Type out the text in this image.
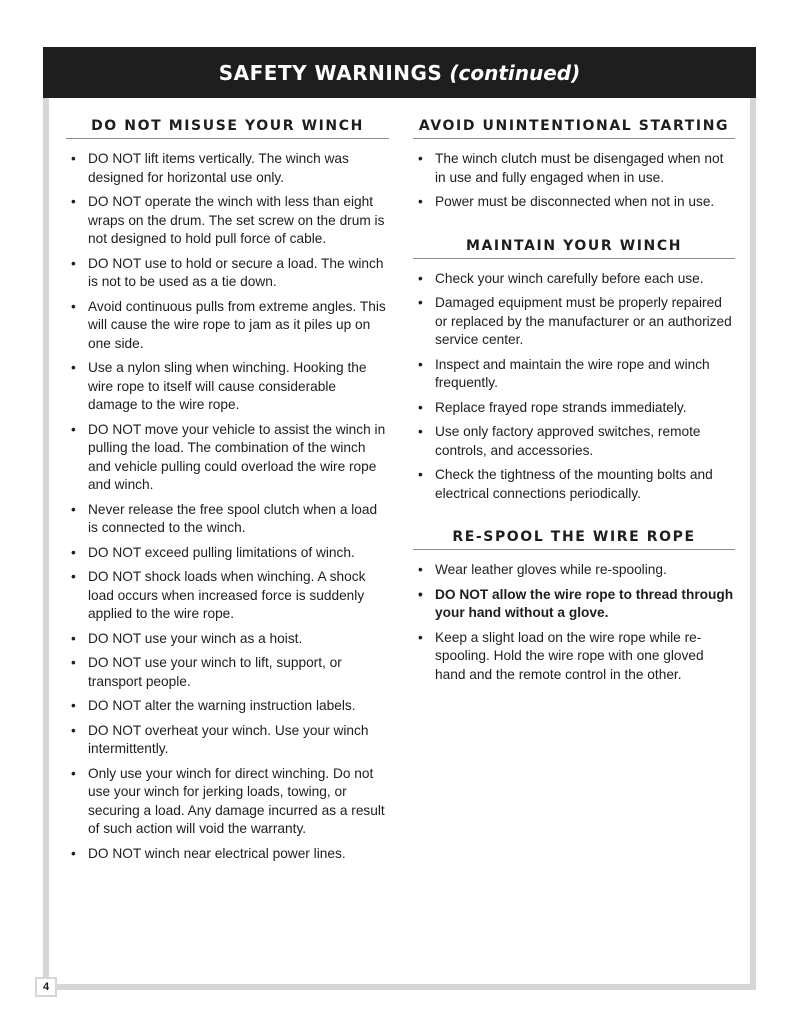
SAFETY WARNINGS (continued)
DO NOT MISUSE YOUR WINCH
• DO NOT lift items vertically. The winch was designed for horizontal use only.
• DO NOT operate the winch with less than eight wraps on the drum. The set screw on the drum is not designed to hold pull force of cable.
• DO NOT use to hold or secure a load. The winch is not to be used as a tie down.
• Avoid continuous pulls from extreme angles. This will cause the wire rope to jam as it piles up on one side.
• Use a nylon sling when winching. Hooking the wire rope to itself will cause considerable damage to the wire rope.
• DO NOT move your vehicle to assist the winch in pulling the load. The combination of the winch and vehicle pulling could overload the wire rope and winch.
• Never release the free spool clutch when a load is connected to the winch.
• DO NOT exceed pulling limitations of winch.
• DO NOT shock loads when winching. A shock load occurs when increased force is suddenly applied to the wire rope.
• DO NOT use your winch as a hoist.
• DO NOT use your winch to lift, support, or transport people.
• DO NOT alter the warning instruction labels.
• DO NOT overheat your winch. Use your winch intermittently.
• Only use your winch for direct winching. Do not use your winch for jerking loads, towing, or securing a load. Any damage incurred as a result of such action will void the warranty.
• DO NOT winch near electrical power lines.
AVOID UNINTENTIONAL STARTING
• The winch clutch must be disengaged when not in use and fully engaged when in use.
• Power must be disconnected when not in use.
MAINTAIN YOUR WINCH
• Check your winch carefully before each use.
• Damaged equipment must be properly repaired or replaced by the manufacturer or an authorized service center.
• Inspect and maintain the wire rope and winch frequently.
• Replace frayed rope strands immediately.
• Use only factory approved switches, remote controls, and accessories.
• Check the tightness of the mounting bolts and electrical connections periodically.
RE-SPOOL THE WIRE ROPE
• Wear leather gloves while re-spooling.
• DO NOT allow the wire rope to thread through your hand without a glove.
• Keep a slight load on the wire rope while re-spooling. Hold the wire rope with one gloved hand and the remote control in the other.
4
